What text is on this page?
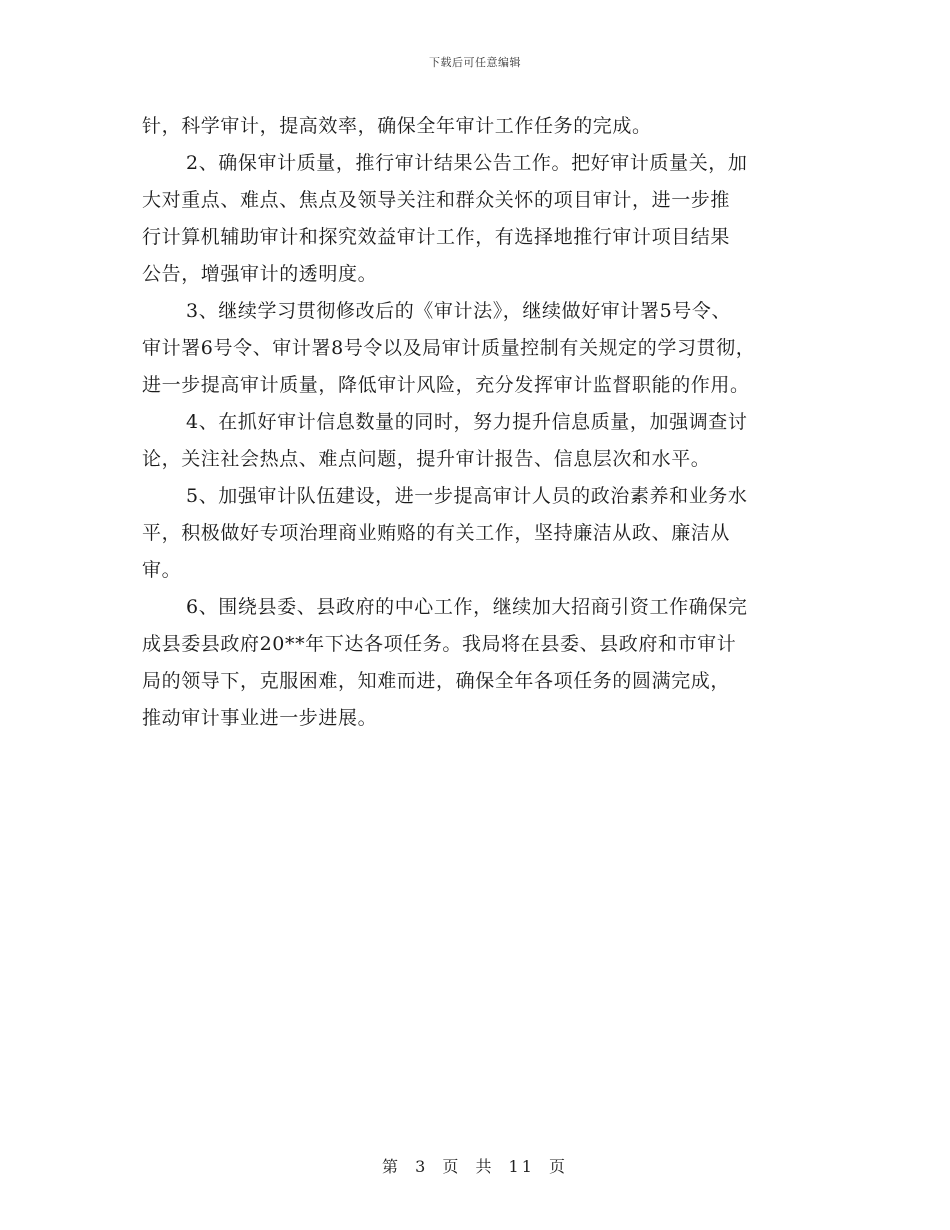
下载后可任意编辑
针，科学审计，提高效率，确保全年审计工作任务的完成。
2、确保审计质量，推行审计结果公告工作。把好审计质量关，加
大对重点、难点、焦点及领导关注和群众关怀的项目审计，进一步推
行计算机辅助审计和探究效益审计工作，有选择地推行审计项目结果
公告，增强审计的透明度。
3、继续学习贯彻修改后的《审计法》，继续做好审计署5号令、
审计署6号令、审计署8号令以及局审计质量控制有关规定的学习贯彻，
进一步提高审计质量，降低审计风险，充分发挥审计监督职能的作用。
4、在抓好审计信息数量的同时，努力提升信息质量，加强调查讨
论，关注社会热点、难点问题，提升审计报告、信息层次和水平。
5、加强审计队伍建设，进一步提高审计人员的政治素养和业务水
平，积极做好专项治理商业贿赂的有关工作，坚持廉洁从政、廉洁从
审。
6、围绕县委、县政府的中心工作，继续加大招商引资工作确保完
成县委县政府20**年下达各项任务。我局将在县委、县政府和市审计
局的领导下，克服困难，知难而进，确保全年各项任务的圆满完成，
推动审计事业进一步进展。
第 3 页 共 11 页
